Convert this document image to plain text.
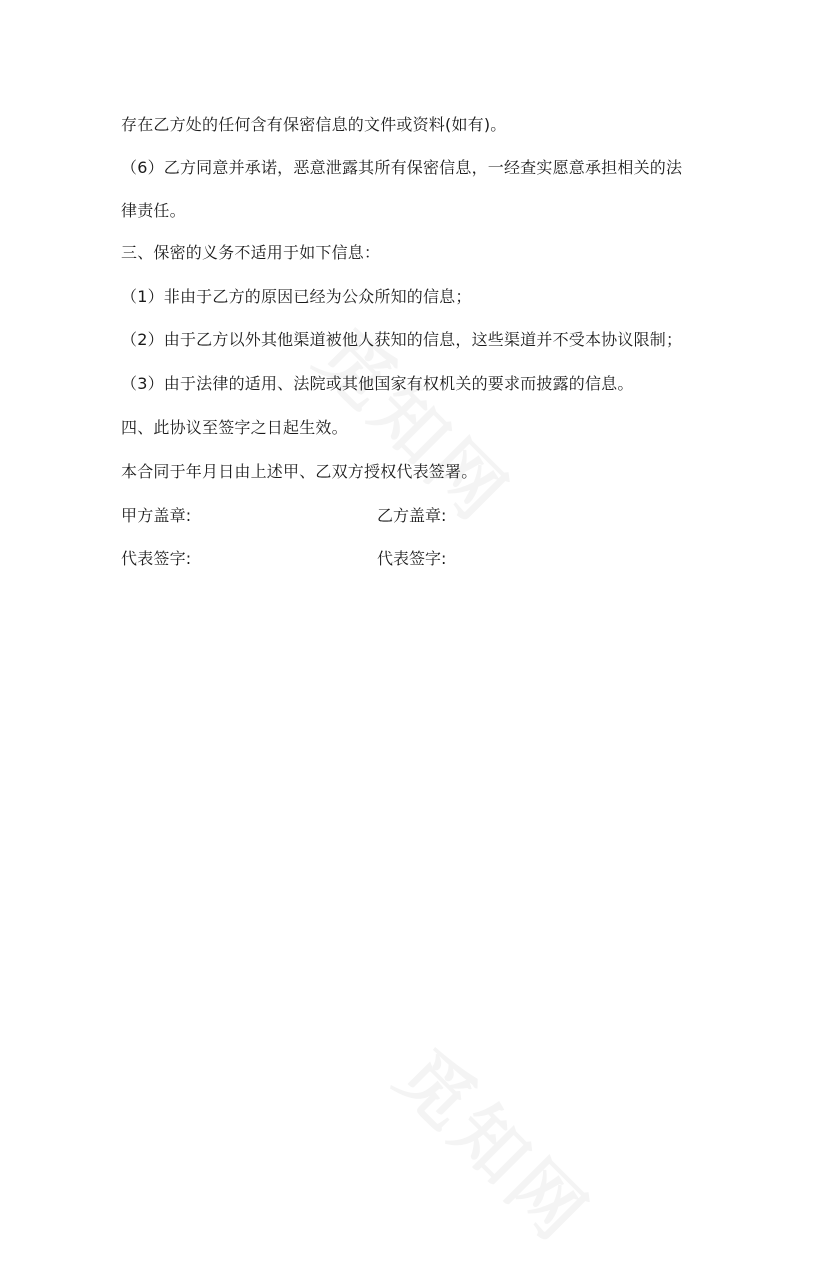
存在乙方处的任何含有保密信息的文件或资料(如有)。
（6）乙方同意并承诺，恶意泄露其所有保密信息，一经查实愿意承担相关的法
律责任。
三、保密的义务不适用于如下信息：
（1）非由于乙方的原因已经为公众所知的信息；
（2）由于乙方以外其他渠道被他人获知的信息，这些渠道并不受本协议限制；
（3）由于法律的适用、法院或其他国家有权机关的要求而披露的信息。
四、此协议至签字之日起生效。
本合同于年月日由上述甲、乙双方授权代表签署。
甲方盖章:	乙方盖章:
代表签字:	代表签字:
